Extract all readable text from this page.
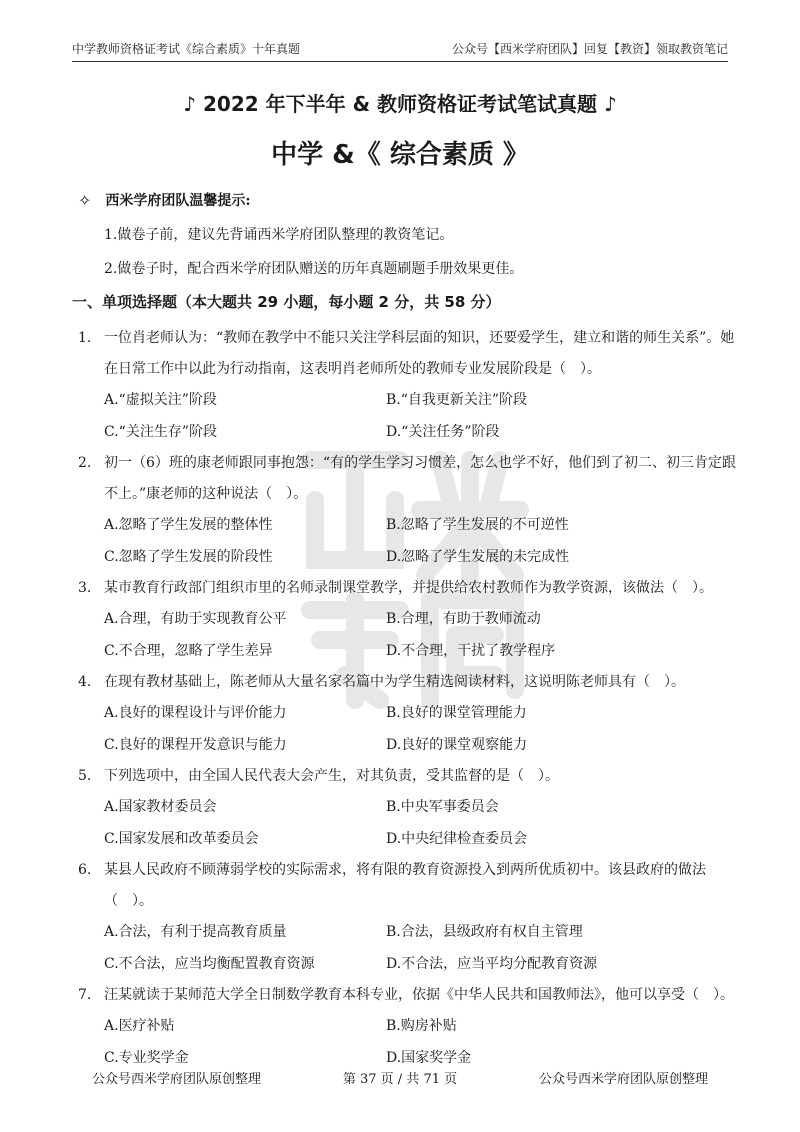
中学教师资格证考试《综合素质》十年真题	公众号【西米学府团队】回复【教资】领取教资笔记
♪ 2022 年下半年 & 教师资格证考试笔试真题 ♪
中学 &《 综合素质 》
✧ 西米学府团队温馨提示:
1.做卷子前，建议先背诵西米学府团队整理的教资笔记。
2.做卷子时，配合西米学府团队赠送的历年真题刷题手册效果更佳。
一、单项选择题（本大题共 29 小题，每小题 2 分，共 58 分）
1. 一位肖老师认为：“教师在教学中不能只关注学科层面的知识，还要爱学生，建立和谐的师生关系”。她在日常工作中以此为行动指南，这表明肖老师所处的教师专业发展阶段是（　）。
A.“虚拟关注”阶段	B.“自我更新关注”阶段
C.“关注生存”阶段	D.“关注任务”阶段
2. 初一（6）班的康老师跟同事抱怨：“有的学生学习习惯差，怎么也学不好，他们到了初二、初三肯定跟不上。”康老师的这种说法（　）。
A.忽略了学生发展的整体性	B.忽略了学生发展的不可逆性
C.忽略了学生发展的阶段性	D.忽略了学生发展的未完成性
3. 某市教育行政部门组织市里的名师录制课堂教学，并提供给农村教师作为教学资源，该做法（　）。
A.合理，有助于实现教育公平	B.合理，有助于教师流动
C.不合理，忽略了学生差异	D.不合理，干扰了教学程序
4. 在现有教材基础上，陈老师从大量名家名篇中为学生精选阅读材料，这说明陈老师具有（　）。
A.良好的课程设计与评价能力	B.良好的课堂管理能力
C.良好的课程开发意识与能力	D.良好的课堂观察能力
5. 下列选项中，由全国人民代表大会产生，对其负责，受其监督的是（　）。
A.国家教材委员会	B.中央军事委员会
C.国家发展和改革委员会	D.中央纪律检查委员会
6. 某县人民政府不顾薄弱学校的实际需求，将有限的教育资源投入到两所优质初中。该县政府的做法（　）。
A.合法，有利于提高教育质量	B.合法，县级政府有权自主管理
C.不合法，应当均衡配置教育资源	D.不合法，应当平均分配教育资源
7. 汪某就读于某师范大学全日制数学教育本科专业，依据《中华人民共和国教师法》，他可以享受（　）。
A.医疗补贴	B.购房补贴
C.专业奖学金	D.国家奖学金
公众号西米学府团队原创整理	第 37 页 / 共 71 页	公众号西米学府团队原创整理
